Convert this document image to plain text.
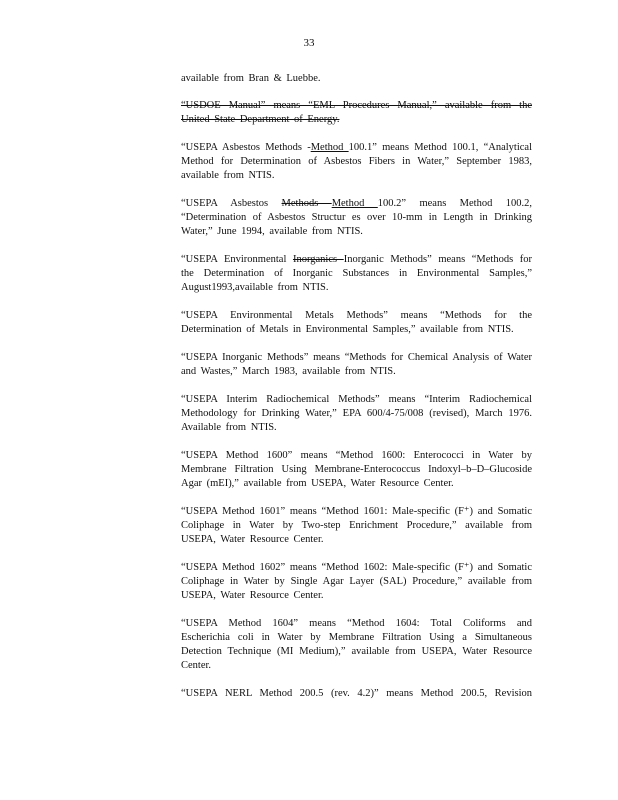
33

available from Bran & Luebbe.

“USDOE Manual” means “EML Procedures Manual,” available from the United State Department of Energy.

“USEPA Asbestos Methods -Method 100.1” means Method 100.1, “Analytical Method for Determination of Asbestos Fibers in Water,” September 1983, available from NTIS.

“USEPA Asbestos Methods Method 100.2” means Method 100.2, “Determination of Asbestos Structur es over 10-mm in Length in Drinking Water,” June 1994, available from NTIS.

“USEPA Environmental Inorganics Inorganic Methods” means “Methods for the Determination of Inorganic Substances in Environmental Samples,” August1993,available from NTIS.

“USEPA Environmental Metals Methods” means “Methods for the Determination of Metals in Environmental Samples,” available from NTIS.

“USEPA Inorganic Methods” means “Methods for Chemical Analysis of Water and Wastes,” March 1983, available from NTIS.

“USEPA Interim Radiochemical Methods” means “Interim Radiochemical Methodology for Drinking Water,” EPA 600/4-75/008 (revised), March 1976. Available from NTIS.

“USEPA Method 1600” means “Method 1600: Enterococci in Water by Membrane Filtration Using Membrane-Enterococcus Indoxyl–b–D–Glucoside Agar (mEI),” available from USEPA, Water Resource Center.

“USEPA Method 1601” means “Method 1601: Male-specific (F⁺) and Somatic Coliphage in Water by Two-step Enrichment Procedure,” available from USEPA, Water Resource Center.

“USEPA Method 1602” means “Method 1602: Male-specific (F⁺) and Somatic Coliphage in Water by Single Agar Layer (SAL) Procedure,” available from USEPA, Water Resource Center.

“USEPA Method 1604” means “Method 1604: Total Coliforms and Escherichia coli in Water by Membrane Filtration Using a Simultaneous Detection Technique (MI Medium),” available from USEPA, Water Resource Center.

“USEPA NERL Method 200.5 (rev. 4.2)” means Method 200.5, Revision
